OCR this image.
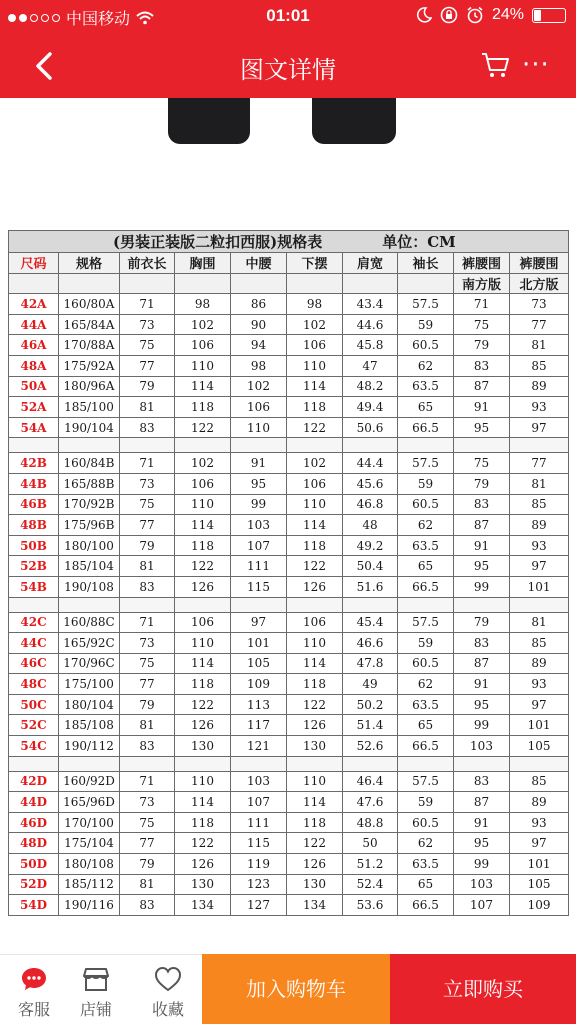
中国移动	01:01	24%
图文详情	···
(男装正装版二粒扣西服)规格表 单位：CM									
尺码	规格	前衣长	胸围	中腰	下摆	肩宽	袖长	裤腰围	裤腰围
								南方版	北方版
42A	160/80A	71	98	86	98	43.4	57.5	71	73
44A	165/84A	73	102	90	102	44.6	59	75	77
46A	170/88A	75	106	94	106	45.8	60.5	79	81
48A	175/92A	77	110	98	110	47	62	83	85
50A	180/96A	79	114	102	114	48.2	63.5	87	89
52A	185/100	81	118	106	118	49.4	65	91	93
54A	190/104	83	122	110	122	50.6	66.5	95	97

42B	160/84B	71	102	91	102	44.4	57.5	75	77
44B	165/88B	73	106	95	106	45.6	59	79	81
46B	170/92B	75	110	99	110	46.8	60.5	83	85
48B	175/96B	77	114	103	114	48	62	87	89
50B	180/100	79	118	107	118	49.2	63.5	91	93
52B	185/104	81	122	111	122	50.4	65	95	97
54B	190/108	83	126	115	126	51.6	66.5	99	101

42C	160/88C	71	106	97	106	45.4	57.5	79	81
44C	165/92C	73	110	101	110	46.6	59	83	85
46C	170/96C	75	114	105	114	47.8	60.5	87	89
48C	175/100	77	118	109	118	49	62	91	93
50C	180/104	79	122	113	122	50.2	63.5	95	97
52C	185/108	81	126	117	126	51.4	65	99	101
54C	190/112	83	130	121	130	52.6	66.5	103	105

42D	160/92D	71	110	103	110	46.4	57.5	83	85
44D	165/96D	73	114	107	114	47.6	59	87	89
46D	170/100	75	118	111	118	48.8	60.5	91	93
48D	175/104	77	122	115	122	50	62	95	97
50D	180/108	79	126	119	126	51.2	63.5	99	101
52D	185/112	81	130	123	130	52.4	65	103	105
54D	190/116	83	134	127	134	53.6	66.5	107	109
客服	店铺	收藏
加入购物车	立即购买
